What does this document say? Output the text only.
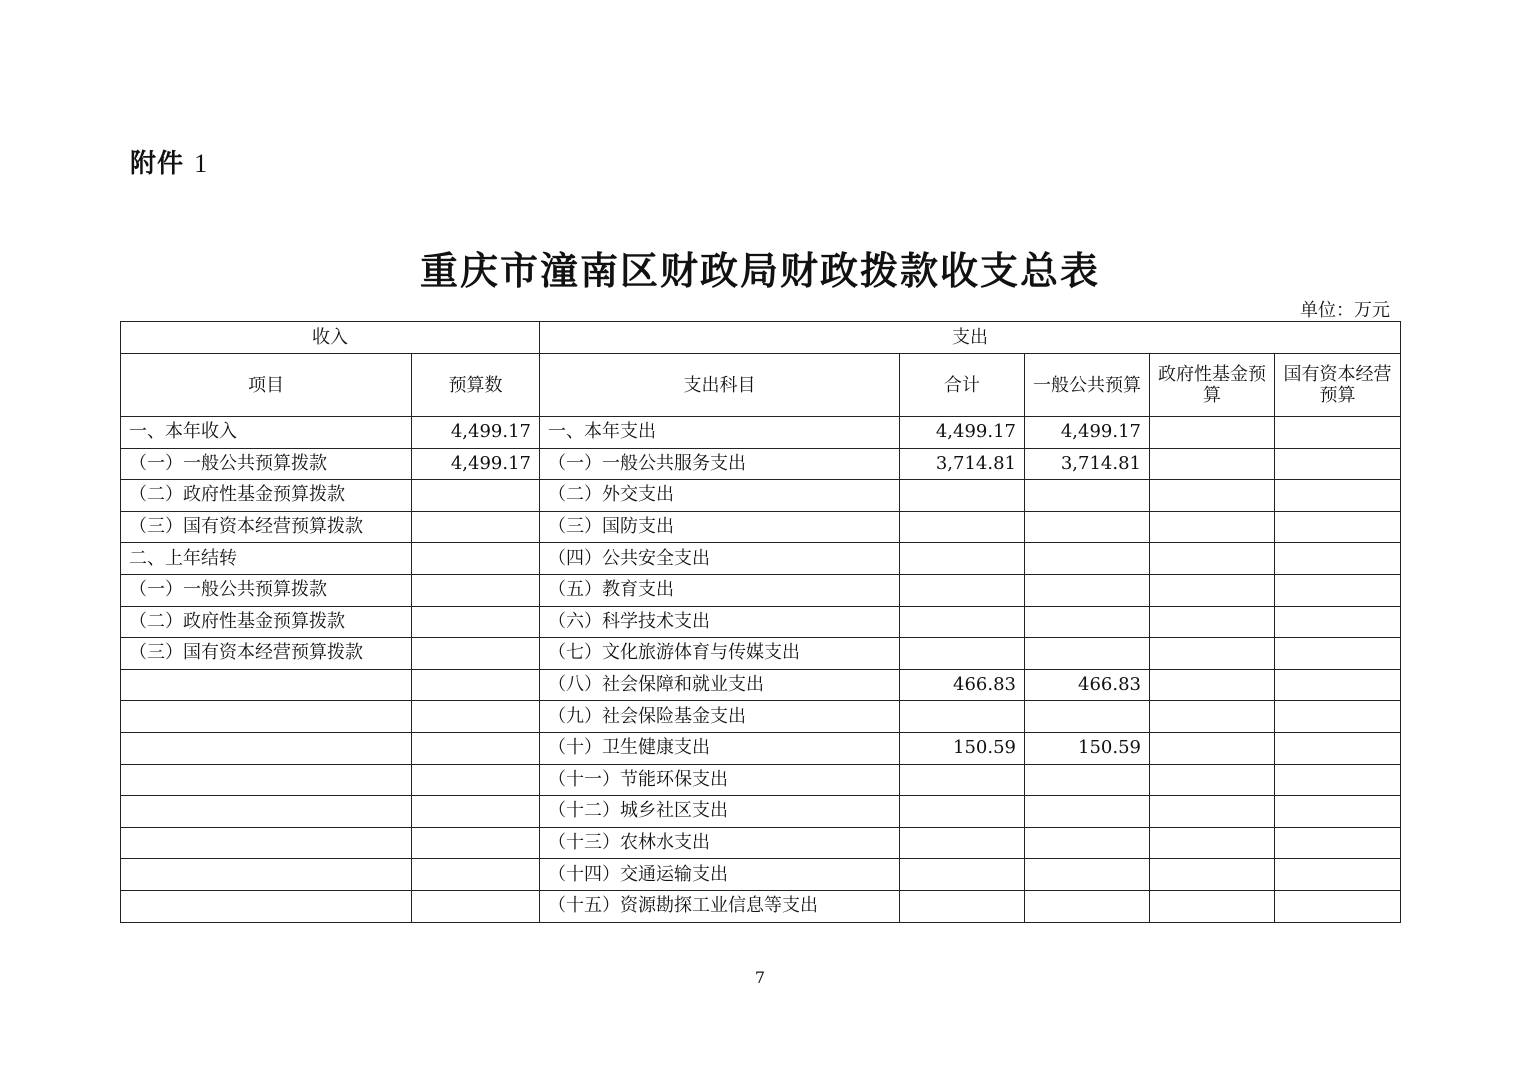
附件 1
重庆市潼南区财政局财政拨款收支总表
单位：万元
收入		支出				
项目	预算数	支出科目	合计	一般公共预算	政府性基金预算	国有资本经营预算
一、本年收入	4,499.17	一、本年支出	4,499.17	4,499.17		
（一）一般公共预算拨款	4,499.17	（一）一般公共服务支出	3,714.81	3,714.81		
（二）政府性基金预算拨款		（二）外交支出				
（三）国有资本经营预算拨款		（三）国防支出				
二、上年结转		（四）公共安全支出				
（一）一般公共预算拨款		（五）教育支出				
（二）政府性基金预算拨款		（六）科学技术支出				
（三）国有资本经营预算拨款		（七）文化旅游体育与传媒支出				
		（八）社会保障和就业支出	466.83	466.83		
		（九）社会保险基金支出				
		（十）卫生健康支出	150.59	150.59		
		（十一）节能环保支出				
		（十二）城乡社区支出				
		（十三）农林水支出				
		（十四）交通运输支出				
		（十五）资源勘探工业信息等支出				
7
